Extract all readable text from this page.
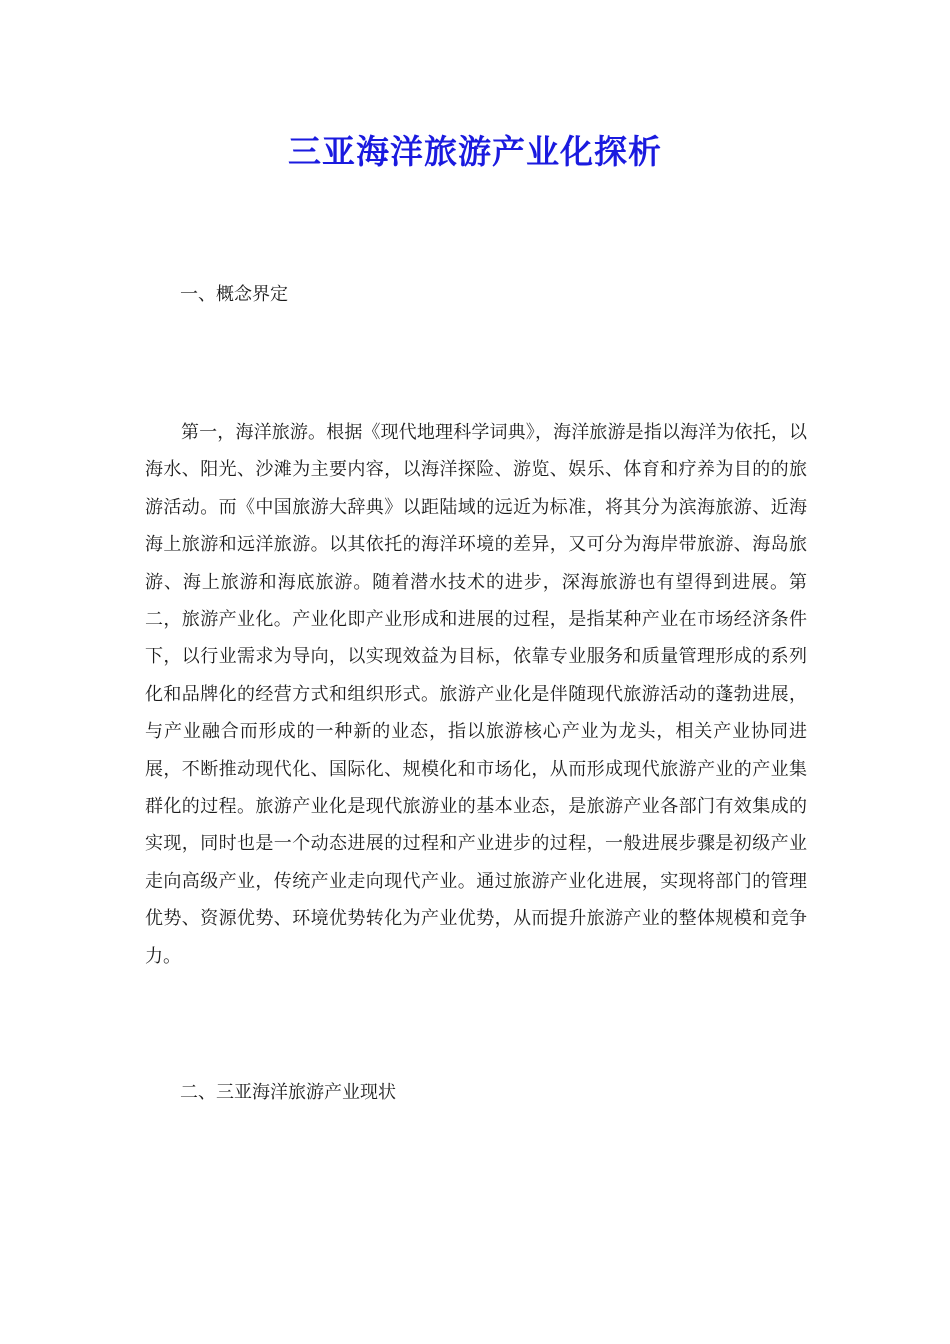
三亚海洋旅游产业化探析
一、概念界定

第一，海洋旅游。根据《现代地理科学词典》，海洋旅游是指以海洋为依托，以海水、阳光、沙滩为主要内容，以海洋探险、游览、娱乐、体育和疗养为目的的旅游活动。而《中国旅游大辞典》以距陆域的远近为标准，将其分为滨海旅游、近海海上旅游和远洋旅游。以其依托的海洋环境的差异，又可分为海岸带旅游、海岛旅游、海上旅游和海底旅游。随着潜水技术的进步，深海旅游也有望得到进展。第二，旅游产业化。产业化即产业形成和进展的过程，是指某种产业在市场经济条件下，以行业需求为导向，以实现效益为目标，依靠专业服务和质量管理形成的系列化和品牌化的经营方式和组织形式。旅游产业化是伴随现代旅游活动的蓬勃进展，与产业融合而形成的一种新的业态，指以旅游核心产业为龙头，相关产业协同进展，不断推动现代化、国际化、规模化和市场化，从而形成现代旅游产业的产业集群化的过程。旅游产业化是现代旅游业的基本业态，是旅游产业各部门有效集成的实现，同时也是一个动态进展的过程和产业进步的过程，一般进展步骤是初级产业走向高级产业，传统产业走向现代产业。通过旅游产业化进展，实现将部门的管理优势、资源优势、环境优势转化为产业优势，从而提升旅游产业的整体规模和竞争力。

二、三亚海洋旅游产业现状
